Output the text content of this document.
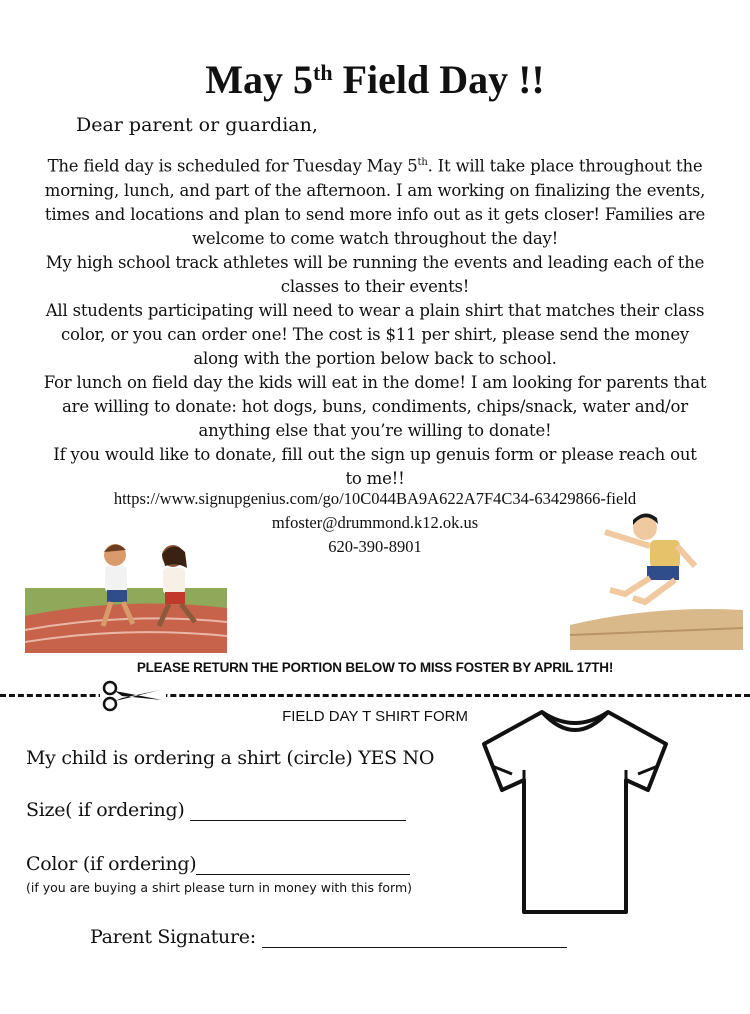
May 5th Field Day !!
Dear parent or guardian,
The field day is scheduled for Tuesday May 5th. It will take place throughout the
morning, lunch, and part of the afternoon. I am working on finalizing the events,
times and locations and plan to send more info out as it gets closer! Families are
welcome to come watch throughout the day!
My high school track athletes will be running the events and leading each of the
classes to their events!
All students participating will need to wear a plain shirt that matches their class
color, or you can order one! The cost is $11 per shirt, please send the money
along with the portion below back to school.
For lunch on field day the kids will eat in the dome! I am looking for parents that
are willing to donate: hot dogs, buns, condiments, chips/snack, water and/or
anything else that you’re willing to donate!
If you would like to donate, fill out the sign up genuis form or please reach out
to me!!
https://www.signupgenius.com/go/10C044BA9A622A7F4C34-63429866-field
mfoster@drummond.k12.ok.us
620-390-8901
PLEASE RETURN THE PORTION BELOW TO MISS FOSTER BY APRIL 17TH!
FIELD DAY T SHIRT FORM
My child is ordering a shirt (circle) YES NO
Size( if ordering)
Color (if ordering)
(if you are buying a shirt please turn in money with this form)
Parent Signature:
